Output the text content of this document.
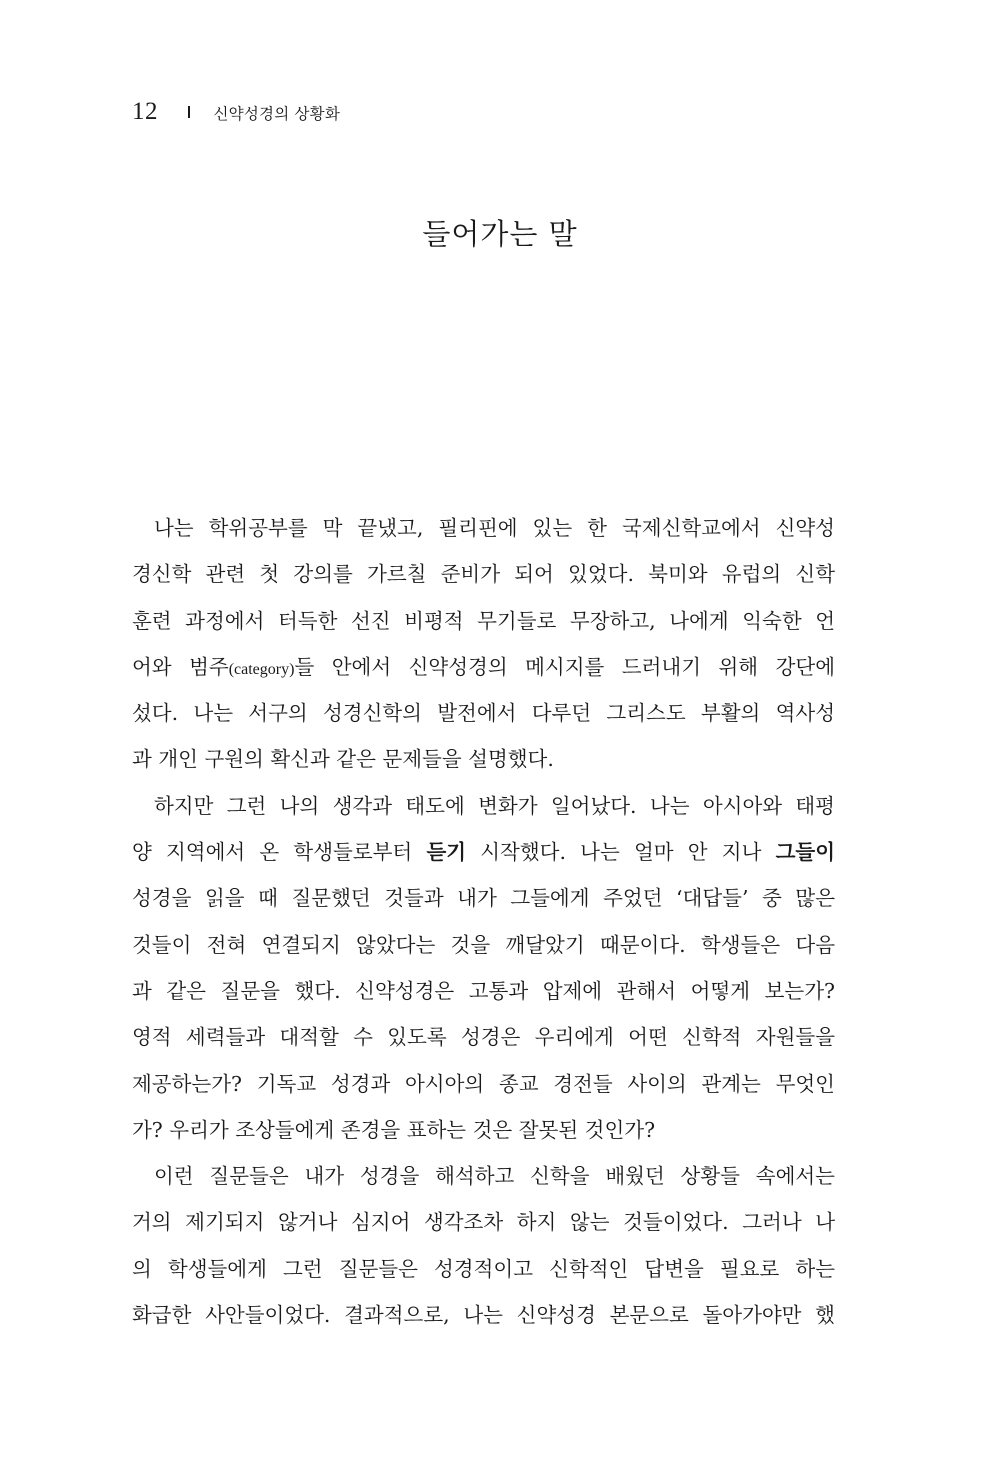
12	신약성경의 상황화
들어가는 말
나는 학위공부를 막 끝냈고, 필리핀에 있는 한 국제신학교에서 신약성
경신학 관련 첫 강의를 가르칠 준비가 되어 있었다. 북미와 유럽의 신학
훈련 과정에서 터득한 선진 비평적 무기들로 무장하고, 나에게 익숙한 언
어와 범주(category)들 안에서 신약성경의 메시지를 드러내기 위해 강단에
섰다. 나는 서구의 성경신학의 발전에서 다루던 그리스도 부활의 역사성
과 개인 구원의 확신과 같은 문제들을 설명했다.
하지만 그런 나의 생각과 태도에 변화가 일어났다. 나는 아시아와 태평
양 지역에서 온 학생들로부터 듣기 시작했다. 나는 얼마 안 지나 그들이
성경을 읽을 때 질문했던 것들과 내가 그들에게 주었던 ‘대답들’ 중 많은
것들이 전혀 연결되지 않았다는 것을 깨달았기 때문이다. 학생들은 다음
과 같은 질문을 했다. 신약성경은 고통과 압제에 관해서 어떻게 보는가?
영적 세력들과 대적할 수 있도록 성경은 우리에게 어떤 신학적 자원들을
제공하는가? 기독교 성경과 아시아의 종교 경전들 사이의 관계는 무엇인
가? 우리가 조상들에게 존경을 표하는 것은 잘못된 것인가?
이런 질문들은 내가 성경을 해석하고 신학을 배웠던 상황들 속에서는
거의 제기되지 않거나 심지어 생각조차 하지 않는 것들이었다. 그러나 나
의 학생들에게 그런 질문들은 성경적이고 신학적인 답변을 필요로 하는
화급한 사안들이었다. 결과적으로, 나는 신약성경 본문으로 돌아가야만 했
